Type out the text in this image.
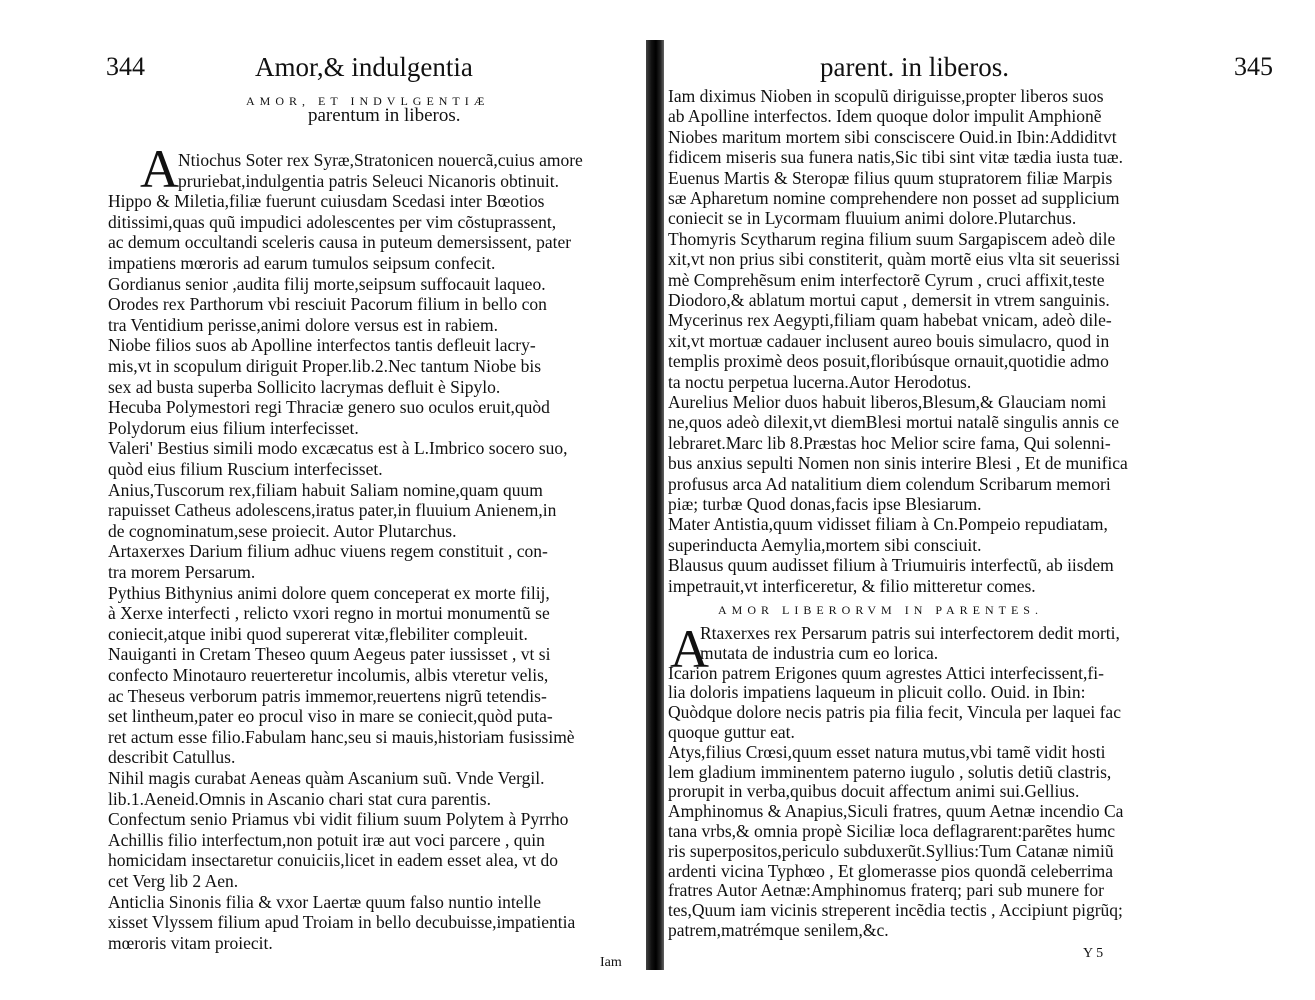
344	Amor,& indulgentia
AMOR, ET INDVLGENTIÆ
parentum in liberos.
A Ntiochus Soter rex Syræ,Stratonicen nouercã,cuius amore
pruriebat,indulgentia patris Seleuci Nicanoris obtinuit.
Hippo & Miletia,filiæ fuerunt cuiusdam Scedasi inter Bœotios
ditissimi,quas quũ impudici adolescentes per vim cõstuprassent,
ac demum occultandi sceleris causa in puteum demersissent, pater
impatiens mœroris ad earum tumulos seipsum confecit.
Gordianus senior ,audita filij morte,seipsum suffocauit laqueo.
Orodes rex Parthorum vbi resciuit Pacorum filium in bello con
tra Ventidium perisse,animi dolore versus est in rabiem.
Niobe filios suos ab Apolline interfectos tantis defleuit lacry-
mis,vt in scopulum diriguit Proper.lib.2.Nec tantum Niobe bis
sex ad busta superba Sollicito lacrymas defluit è Sipylo.
Hecuba Polymestori regi Thraciæ genero suo oculos eruit,quòd
Polydorum eius filium interfecisset.
Valeri' Bestius simili modo excæcatus est à L.Imbrico socero suo,
quòd eius filium Ruscium interfecisset.
Anius,Tuscorum rex,filiam habuit Saliam nomine,quam quum
rapuisset Catheus adolescens,iratus pater,in fluuium Anienem,in
de cognominatum,sese proiecit. Autor Plutarchus.
Artaxerxes Darium filium adhuc viuens regem constituit , con-
tra morem Persarum.
Pythius Bithynius animi dolore quem conceperat ex morte filij,
à Xerxe interfecti , relicto vxori regno in mortui monumentũ se
coniecit,atque inibi quod supererat vitæ,flebiliter compleuit.
Nauiganti in Cretam Theseo quum Aegeus pater iussisset , vt si
confecto Minotauro reuerteretur incolumis, albis vteretur velis,
ac Theseus verborum patris immemor,reuertens nigrũ tetendis-
set lintheum,pater eo procul viso in mare se coniecit,quòd puta-
ret actum esse filio.Fabulam hanc,seu si mauis,historiam fusissimè
describit Catullus.
Nihil magis curabat Aeneas quàm Ascanium suũ. Vnde Vergil.
lib.1.Aeneid.Omnis in Ascanio chari stat cura parentis.
Confectum senio Priamus vbi vidit filium suum Polytem à Pyrrho
Achillis filio interfectum,non potuit iræ aut voci parcere , quin
homicidam insectaretur conuiciis,licet in eadem esset alea, vt do
cet Verg lib 2 Aen.
Anticlia Sinonis filia & vxor Laertæ quum falso nuntio intelle
xisset Vlyssem filium apud Troiam in bello decubuisse,impatientia
mœroris vitam proiecit.
Iam
parent. in liberos.	345
Iam diximus Nioben in scopulũ diriguisse,propter liberos suos
ab Apolline interfectos. Idem quoque dolor impulit Amphionẽ
Niobes maritum mortem sibi consciscere Ouid.in Ibin:Addiditvt
fidicem miseris sua funera natis,Sic tibi sint vitæ tædia iusta tuæ.
Euenus Martis & Steropæ filius quum stupratorem filiæ Marpis
sæ Apharetum nomine comprehendere non posset ad supplicium
coniecit se in Lycormam fluuium animi dolore.Plutarchus.
Thomyris Scytharum regina filium suum Sargapiscem adeò dile
xit,vt non prius sibi constiterit, quàm mortẽ eius vlta sit seuerissi
mè Comprehẽsum enim interfectorẽ Cyrum , cruci affixit,teste
Diodoro,& ablatum mortui caput , demersit in vtrem sanguinis.
Mycerinus rex Aegypti,filiam quam habebat vnicam, adeò dile-
xit,vt mortuæ cadauer inclusent aureo bouis simulacro, quod in
templis proximè deos posuit,floribúsque ornauit,quotidie admo
ta noctu perpetua lucerna.Autor Herodotus.
Aurelius Melior duos habuit liberos,Blesum,& Glauciam nomi
ne,quos adeò dilexit,vt diemBlesi mortui natalẽ singulis annis ce
lebraret.Marc lib 8.Præstas hoc Melior scire fama, Qui solenni-
bus anxius sepulti Nomen non sinis interire Blesi , Et de munifica
profusus arca Ad natalitium diem colendum Scribarum memori
piæ; turbæ Quod donas,facis ipse Blesiarum.
Mater Antistia,quum vidisset filiam à Cn.Pompeio repudiatam,
superinducta Aemylia,mortem sibi consciuit.
Blausus quum audisset filium à Triumuiris interfectũ, ab iisdem
impetrauit,vt interficeretur, & filio mitteretur comes.
AMOR LIBERORVM IN PARENTES.
A
Rtaxerxes rex Persarum patris sui interfectorem dedit morti,
mutata de industria cum eo lorica.
Icarion patrem Erigones quum agrestes Attici interfecissent,fi-
lia doloris impatiens laqueum in plicuit collo. Ouid. in Ibin:
Quòdque dolore necis patris pia filia fecit, Vincula per laquei fac
quoque guttur eat.
Atys,filius Crœsi,quum esset natura mutus,vbi tamẽ vidit hosti
lem gladium imminentem paterno iugulo , solutis detiũ clastris,
prorupit in verba,quibus docuit affectum animi sui.Gellius.
Amphinomus & Anapius,Siculi fratres, quum Aetnæ incendio Ca
tana vrbs,& omnia propè Siciliæ loca deflagrarent:parẽtes humc
ris superpositos,periculo subduxerũt.Syllius:Tum Catanæ nimiũ
ardenti vicina Typhœo , Et glomerasse pios quondã celeberrima
fratres Autor Aetnæ:Amphinomus fraterq; pari sub munere for
tes,Quum iam vicinis streperent incẽdia tectis , Accipiunt pigrũq;
patrem,matrémque senilem,&c.
Y 5
